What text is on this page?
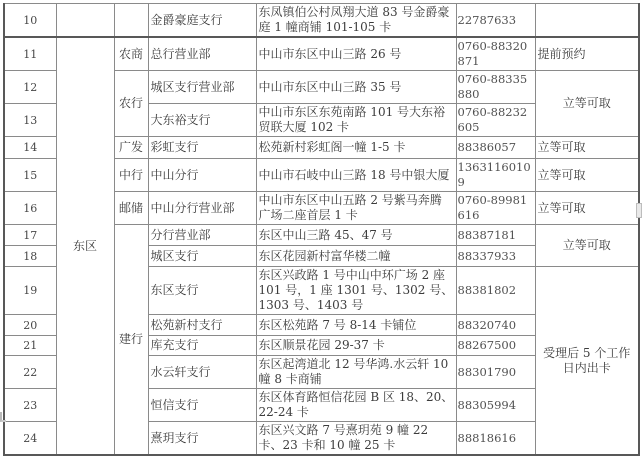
10			金爵豪庭支行	东凤镇伯公村凤翔大道 83 号金爵豪庭 1 幢商铺 101-105 卡	22787633	
11	东区	农商	总行营业部	中山市东区中山三路 26 号	0760-88320871	提前预约
12		农行	城区支行营业部	中山市东区中山三路 35 号	0760-88335880	立等可取
13			大东裕支行	中山市东区东苑南路 101 号大东裕贸联大厦 102 卡	0760-88232605	
14		广发	彩虹支行	松苑新村彩虹阁一幢 1-5 卡	88386057	立等可取
15		中行	中山分行	中山市石岐中山三路 18 号中银大厦	13631160109	立等可取
16		邮储	中山分行营业部	中山市东区中山五路 2 号紫马奔腾广场二座首层 1 卡	0760-89981616	立等可取
17		建行	分行营业部	东区中山三路 45、47 号	88387181	立等可取
18			城区支行	东区花园新村富华楼二幢	88337933	
19			东区支行	东区兴政路 1 号中山中环广场 2 座 101 号，1 座 1301 号、1302 号、1303 号、1403 号	88381802	受理后 5 个工作日内出卡
20			松苑新村支行	东区松苑路 7 号 8-14 卡铺位	88320740	
21			库充支行	东区顺景花园 29-37 卡	88267500	
22			水云轩支行	东区起湾道北 12 号华鸿.水云轩 10 幢 8 卡商铺	88301790	
23			恒信支行	东区体育路恒信花园 B 区 18、20、22-24 卡	88305994	
24			熹玥支行	东区兴文路 7 号熹玥苑 9 幢 22 卡、23 卡和 10 幢 25 卡	88818616	
